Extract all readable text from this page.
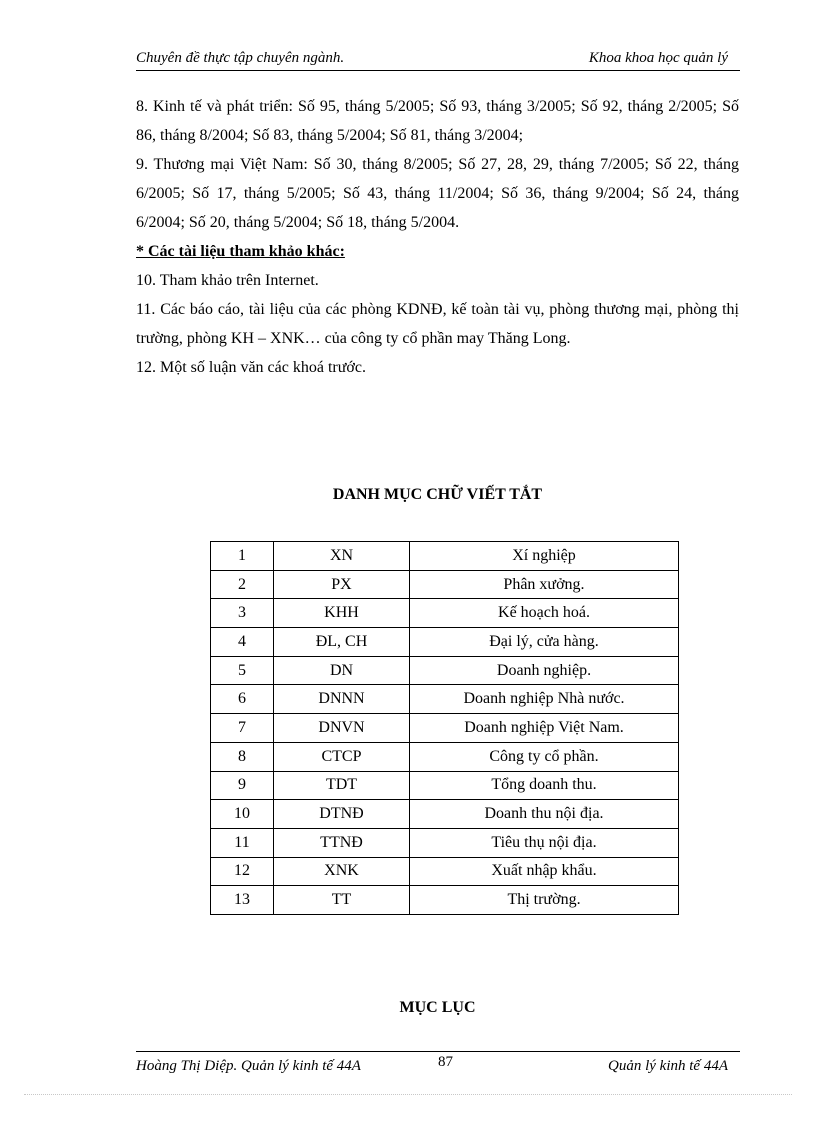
Chuyên đề thực tập chuyên ngành.	Khoa khoa học quản lý

8. Kinh tế và phát triển: Số 95, tháng 5/2005; Số 93, tháng 3/2005; Số 92, tháng 2/2005; Số 86, tháng 8/2004; Số 83, tháng 5/2004; Số 81, tháng 3/2004;

9. Thương mại Việt Nam: Số 30, tháng 8/2005; Số 27, 28, 29, tháng 7/2005; Số 22, tháng 6/2005; Số 17, tháng 5/2005; Số 43, tháng 11/2004; Số 36, tháng 9/2004; Số 24, tháng 6/2004; Số 20, tháng 5/2004; Số 18, tháng 5/2004.

* Các tài liệu tham khảo khác:

10. Tham khảo trên Internet.

11. Các báo cáo, tài liệu của các phòng KDNĐ, kế toàn tài vụ, phòng thương mại, phòng thị trường, phòng KH – XNK… của công ty cổ phần may Thăng Long.

12. Một số luận văn các khoá trước.

DANH MỤC CHỮ VIẾT TẮT
1	XN	Xí nghiệp
2	PX	Phân xưởng.
3	KHH	Kế hoạch hoá.
4	ĐL, CH	Đại lý, cửa hàng.
5	DN	Doanh nghiệp.
6	DNNN	Doanh nghiệp Nhà nước.
7	DNVN	Doanh nghiệp Việt Nam.
8	CTCP	Công ty cổ phần.
9	TDT	Tổng doanh thu.
10	DTNĐ	Doanh thu nội địa.
11	TTNĐ	Tiêu thụ nội địa.
12	XNK	Xuất nhập khẩu.
13	TT	Thị trường.
MỤC LỤC
Hoàng Thị Diệp. Quản lý kinh tế 44A	87	Quản lý kinh tế 44A
